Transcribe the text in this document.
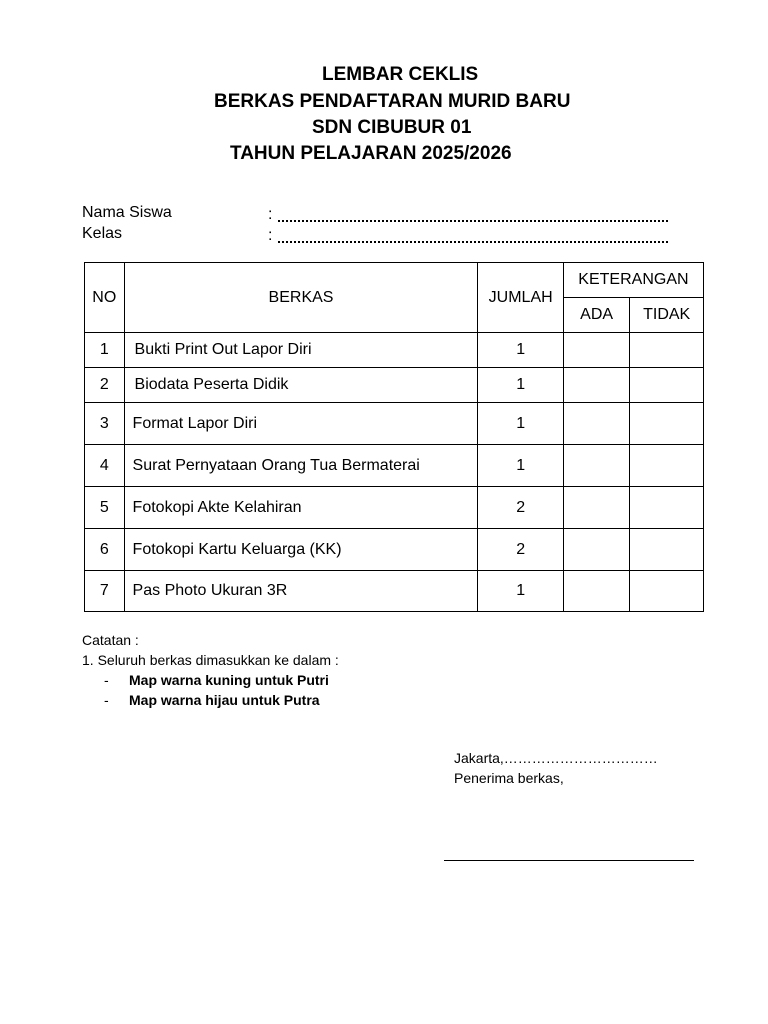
LEMBAR CEKLIS
BERKAS PENDAFTARAN MURID BARU
SDN CIBUBUR 01
TAHUN PELAJARAN 2025/2026
Nama Siswa	:
Kelas	:
NO	BERKAS	JUMLAH	KETERANGAN	
			ADA	TIDAK
1	Bukti Print Out Lapor Diri	1		
2	Biodata Peserta Didik	1		
3	Format Lapor Diri	1		
4	Surat Pernyataan Orang Tua Bermaterai	1		
5	Fotokopi Akte Kelahiran	2		
6	Fotokopi Kartu Keluarga (KK)	2		
7	Pas Photo Ukuran 3R	1		
Catatan :
1. Seluruh berkas dimasukkan ke dalam :
- Map warna kuning untuk Putri
- Map warna hijau untuk Putra
Jakarta,……………………………
Penerima berkas,
